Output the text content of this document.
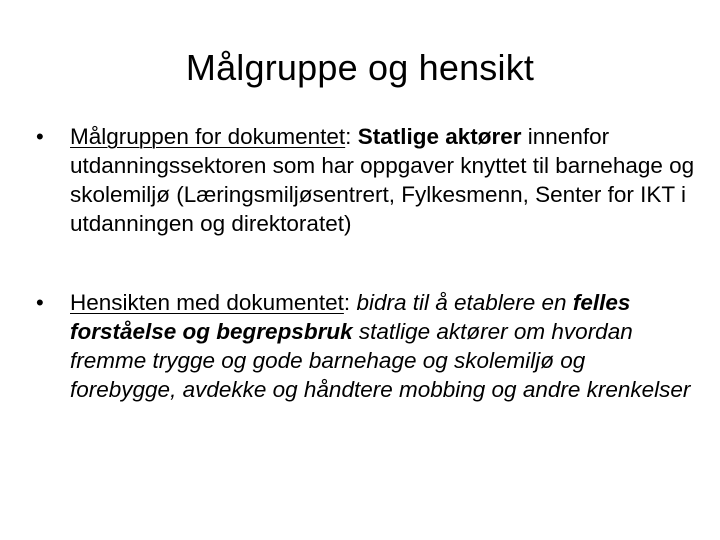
Målgruppe og hensikt
•	Målgruppen for dokumentet: Statlige aktører innenfor utdanningssektoren som har oppgaver knyttet til barnehage og skolemiljø (Læringsmiljøsentrert, Fylkesmenn, Senter for IKT i utdanningen og direktoratet)
•	Hensikten med dokumentet: bidra til å etablere en felles forståelse og begrepsbruk statlige aktører om hvordan fremme trygge og gode barnehage og skolemiljø og forebygge, avdekke og håndtere mobbing og andre krenkelser
